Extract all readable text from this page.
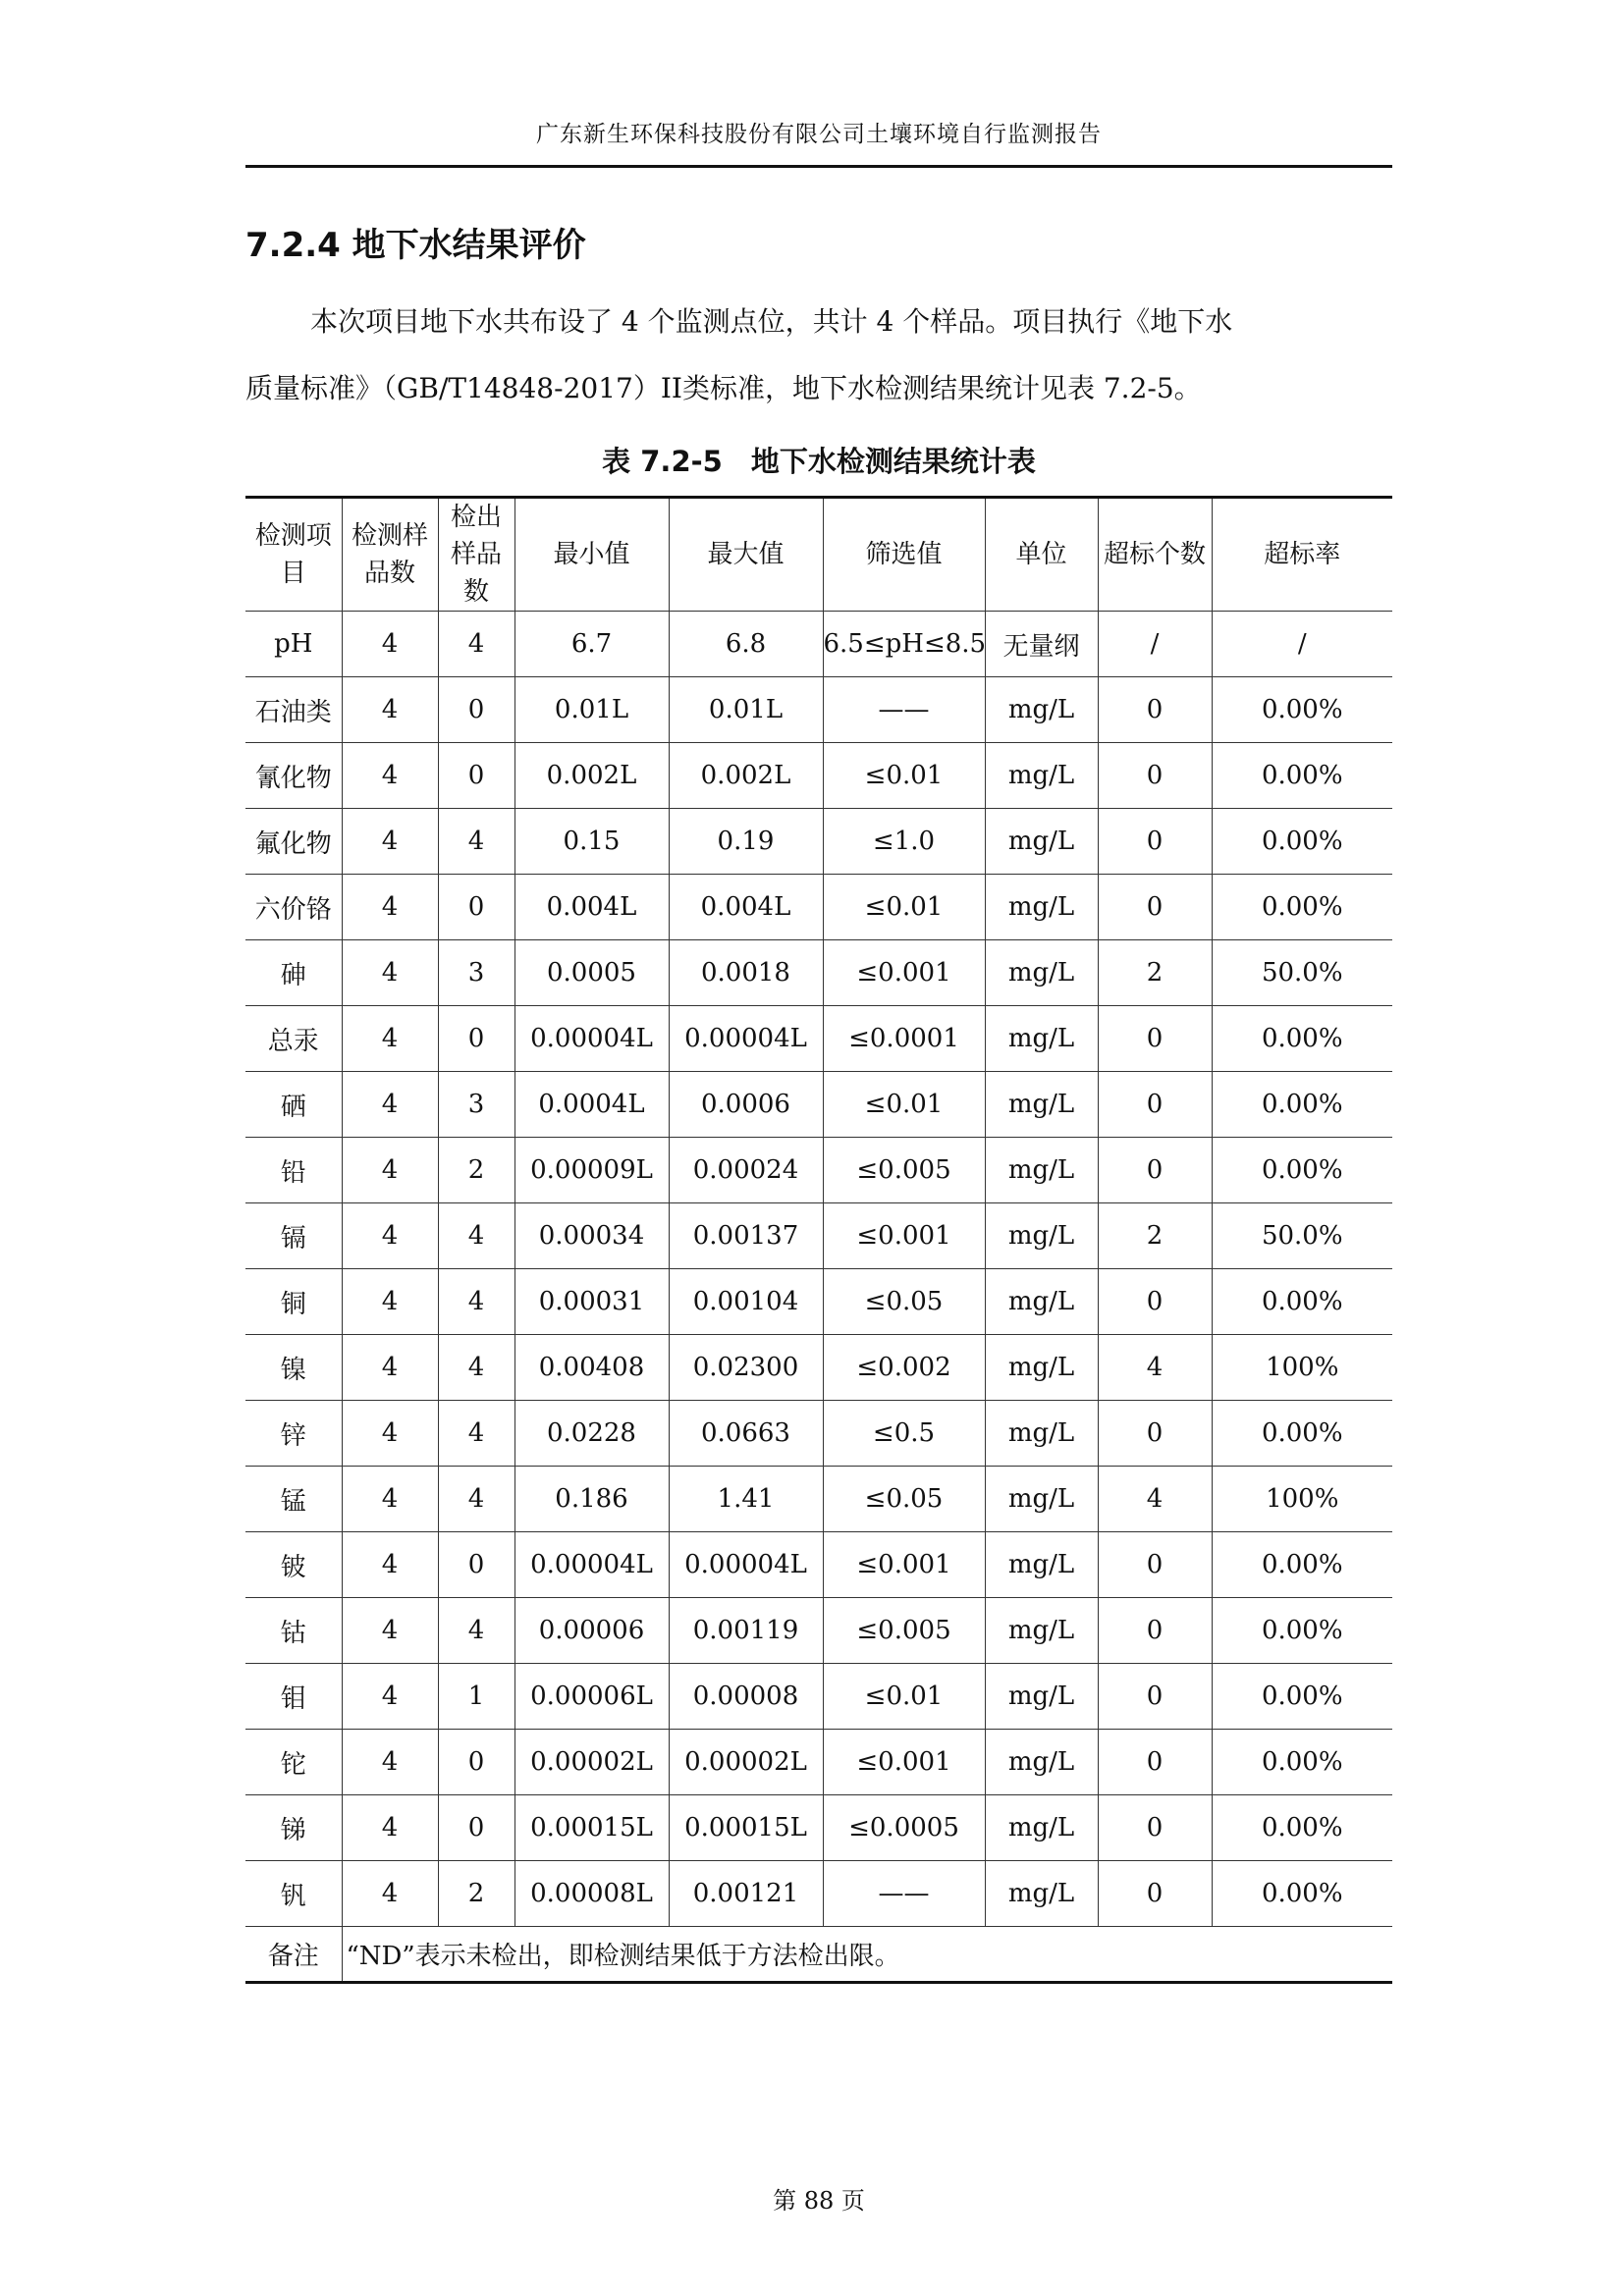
广东新生环保科技股份有限公司土壤环境自行监测报告
7.2.4 地下水结果评价
本次项目地下水共布设了 4 个监测点位，共计 4 个样品。项目执行《地下水
质量标准》（GB/T14848-2017）II类标准，地下水检测结果统计见表 7.2-5。
表 7.2-5　地下水检测结果统计表
检测项目	检测样品数	检出样品数	最小值	最大值	筛选值	单位	超标个数	超标率
pH	4	4	6.7	6.8	6.5≤pH≤8.5	无量纲	/	/
石油类	4	0	0.01L	0.01L	——	mg/L	0	0.00%
氰化物	4	0	0.002L	0.002L	≤0.01	mg/L	0	0.00%
氟化物	4	4	0.15	0.19	≤1.0	mg/L	0	0.00%
六价铬	4	0	0.004L	0.004L	≤0.01	mg/L	0	0.00%
砷	4	3	0.0005	0.0018	≤0.001	mg/L	2	50.0%
总汞	4	0	0.00004L	0.00004L	≤0.0001	mg/L	0	0.00%
硒	4	3	0.0004L	0.0006	≤0.01	mg/L	0	0.00%
铅	4	2	0.00009L	0.00024	≤0.005	mg/L	0	0.00%
镉	4	4	0.00034	0.00137	≤0.001	mg/L	2	50.0%
铜	4	4	0.00031	0.00104	≤0.05	mg/L	0	0.00%
镍	4	4	0.00408	0.02300	≤0.002	mg/L	4	100%
锌	4	4	0.0228	0.0663	≤0.5	mg/L	0	0.00%
锰	4	4	0.186	1.41	≤0.05	mg/L	4	100%
铍	4	0	0.00004L	0.00004L	≤0.001	mg/L	0	0.00%
钴	4	4	0.00006	0.00119	≤0.005	mg/L	0	0.00%
钼	4	1	0.00006L	0.00008	≤0.01	mg/L	0	0.00%
铊	4	0	0.00002L	0.00002L	≤0.001	mg/L	0	0.00%
锑	4	0	0.00015L	0.00015L	≤0.0005	mg/L	0	0.00%
钒	4	2	0.00008L	0.00121	——	mg/L	0	0.00%
备注	“ND”表示未检出，即检测结果低于方法检出限。							
第 88 页
